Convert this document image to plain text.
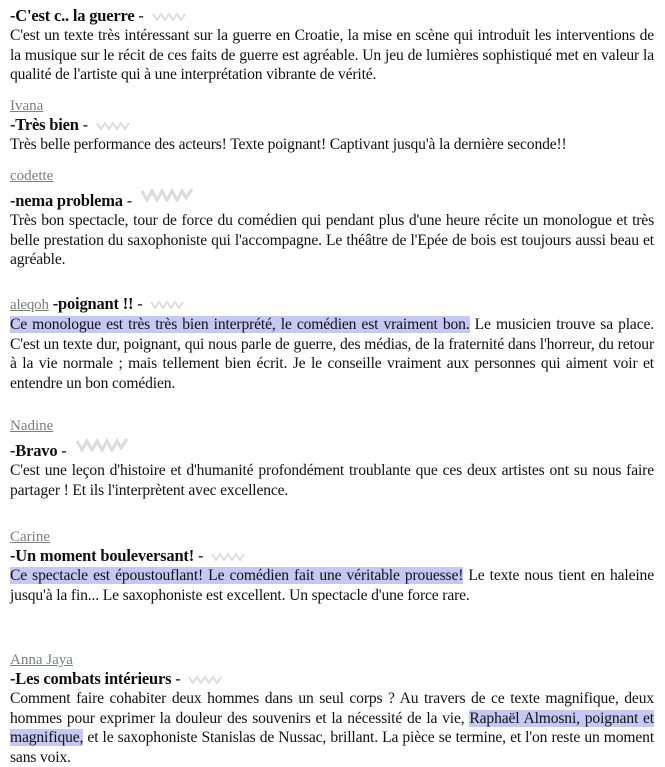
-C'est c.. la guerre -
C'est un texte très intéressant sur la guerre en Croatie, la mise en scène qui introduit les interventions de la musique sur le récit de ces faits de guerre est agréable. Un jeu de lumières sophistiqué met en valeur la qualité de l'artiste qui à une interprétation vibrante de vérité.
Ivana
-Très bien -
Très belle performance des acteurs! Texte poignant! Captivant jusqu'à la dernière seconde!!
codette
-nema problema -
Très bon spectacle, tour de force du comédien qui pendant plus d'une heure récite un monologue et très belle prestation du saxophoniste qui l'accompagne. Le théâtre de l'Epée de bois est toujours aussi beau et agréable.
aleqoh -poignant !! -
Ce monologue est très très bien interprété, le comédien est vraiment bon. Le musicien trouve sa place. C'est un texte dur, poignant, qui nous parle de guerre, des médias, de la fraternité dans l'horreur, du retour à la vie normale ; mais tellement bien écrit. Je le conseille vraiment aux personnes qui aiment voir et entendre un bon comédien.
Nadine
-Bravo -
C'est une leçon d'histoire et d'humanité profondément troublante que ces deux artistes ont su nous faire partager ! Et ils l'interprètent avec excellence.
Carine
-Un moment bouleversant! -
Ce spectacle est époustouflant! Le comédien fait une véritable prouesse! Le texte nous tient en haleine jusqu'à la fin... Le saxophoniste est excellent. Un spectacle d'une force rare.
Anna Jaya
-Les combats intérieurs -
Comment faire cohabiter deux hommes dans un seul corps ? Au travers de ce texte magnifique, deux hommes pour exprimer la douleur des souvenirs et la nécessité de la vie, Raphaël Almosni, poignant et magnifique, et le saxophoniste Stanislas de Nussac, brillant. La pièce se termine, et l'on reste un moment sans voix.
